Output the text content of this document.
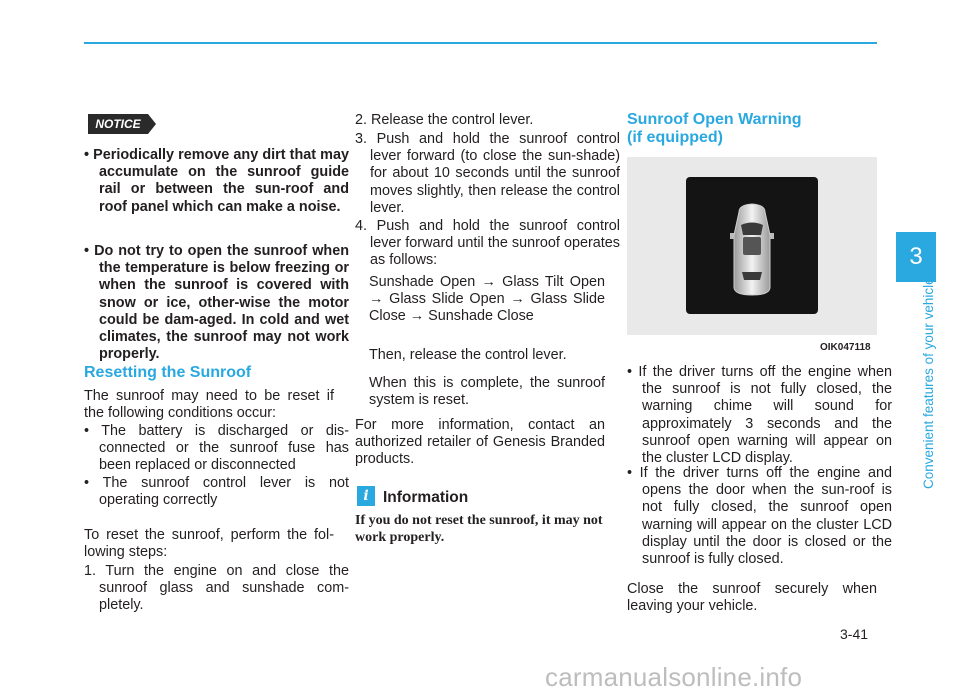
NOTICE

• Periodically remove any dirt that may accumulate on the sunroof guide rail or between the sun-roof and roof panel which can make a noise.

• Do not try to open the sunroof when the temperature is below freezing or when the sunroof is covered with snow or ice, other-wise the motor could be dam-aged. In cold and wet climates, the sunroof may not work properly.

Resetting the Sunroof

The sunroof may need to be reset if the following conditions occur:

• The battery is discharged or dis-connected or the sunroof fuse has been replaced or disconnected

• The sunroof control lever is not operating correctly

To reset the sunroof, perform the fol-lowing steps:

1. Turn the engine on and close the sunroof glass and sunshade com-pletely.

2. Release the control lever.

3. Push and hold the sunroof control lever forward (to close the sun-shade) for about 10 seconds until the sunroof moves slightly, then release the control lever.

4. Push and hold the sunroof control lever forward until the sunroof operates as follows:

Sunshade Open → Glass Tilt Open → Glass Slide Open → Glass Slide Close → Sunshade Close

Then, release the control lever.

When this is complete, the sunroof system is reset.

For more information, contact an authorized retailer of Genesis Branded products.

i Information
If you do not reset the sunroof, it may not work properly.
Sunroof Open Warning
(if equipped)
OIK047118

• If the driver turns off the engine when the sunroof is not fully closed, the warning chime will sound for approximately 3 seconds and the sunroof open warning will appear on the cluster LCD display.

• If the driver turns off the engine and opens the door when the sun-roof is not fully closed, the sunroof open warning will appear on the cluster LCD display until the door is closed or the sunroof is fully closed.

Close the sunroof securely when leaving your vehicle.

3
Convenient features of your vehicle
3-41
carmanualsonline.info
